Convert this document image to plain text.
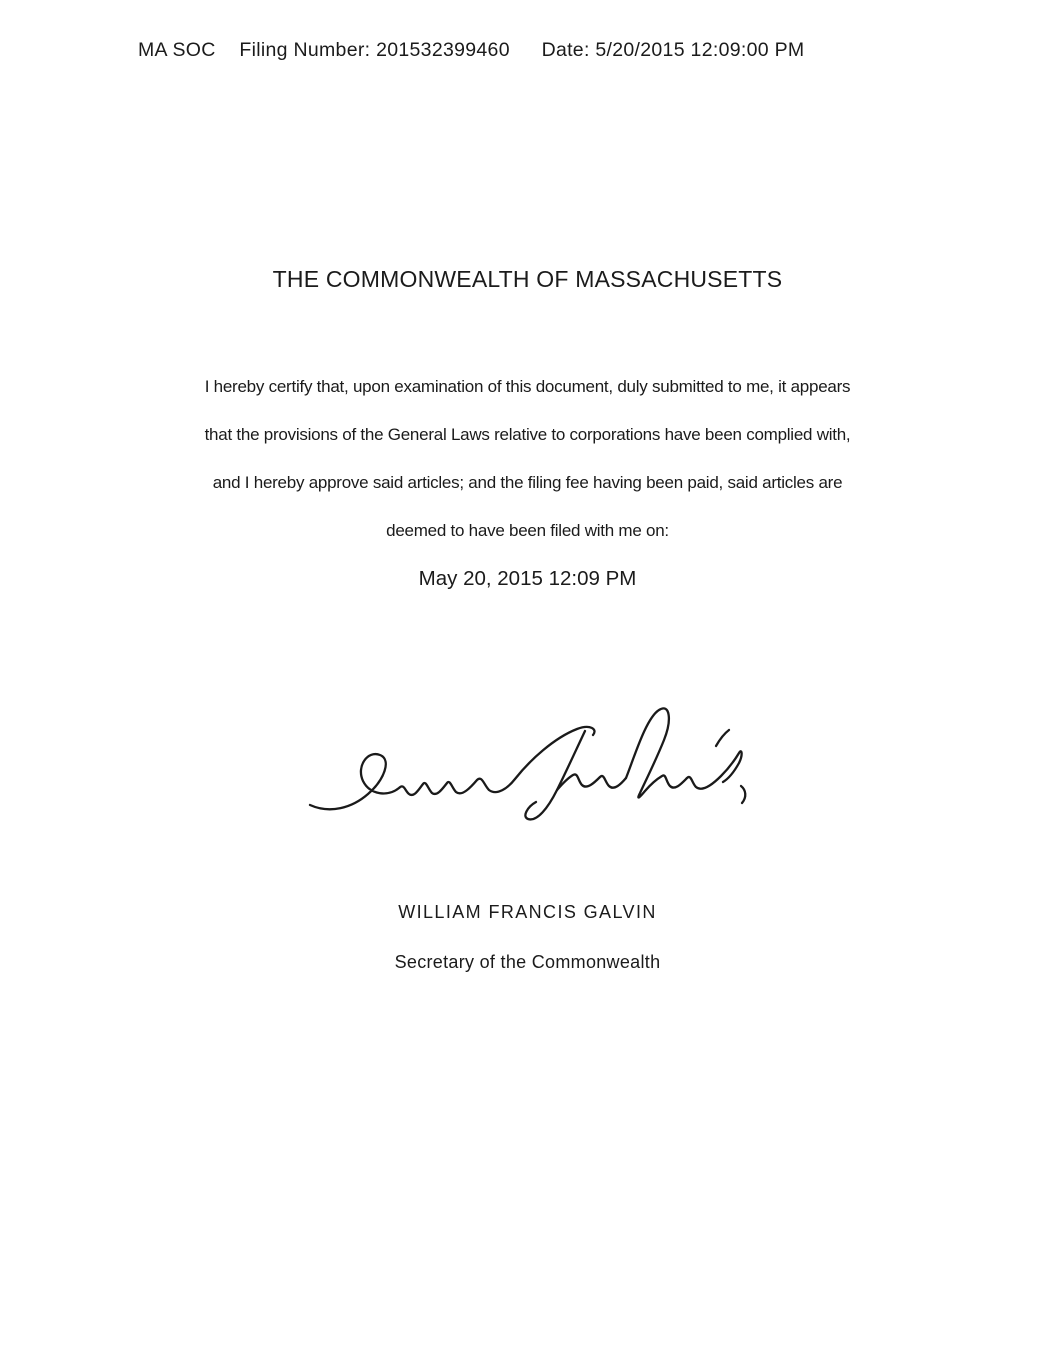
MA SOC Filing Number: 201532399460 Date: 5/20/2015 12:09:00 PM
THE COMMONWEALTH OF MASSACHUSETTS
I hereby certify that, upon examination of this document, duly submitted to me, it appears
that the provisions of the General Laws relative to corporations have been complied with,
and I hereby approve said articles; and the filing fee having been paid, said articles are
deemed to have been filed with me on:
May 20, 2015 12:09 PM
WILLIAM FRANCIS GALVIN
Secretary of the Commonwealth
